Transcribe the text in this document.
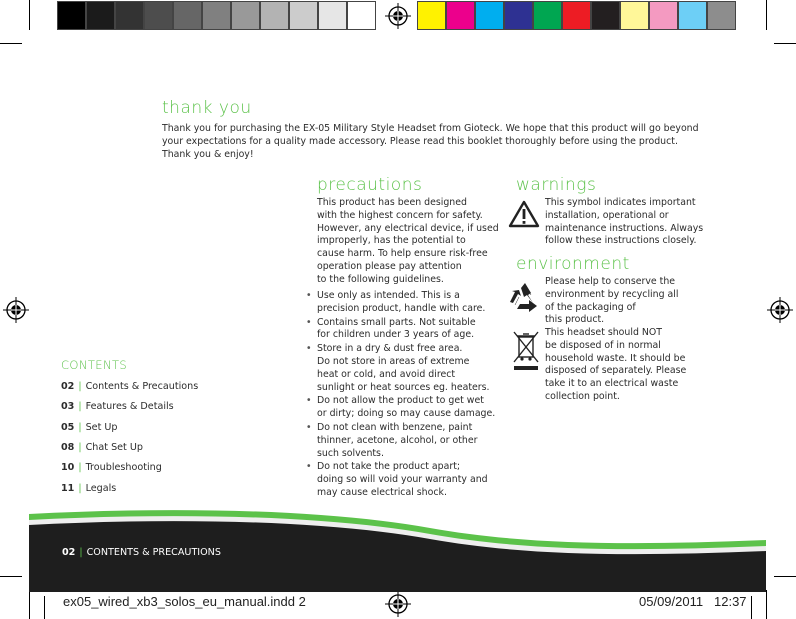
thank you
Thank you for purchasing the EX-05 Military Style Headset from Gioteck. We hope that this product will go beyond
your expectations for a quality made accessory. Please read this booklet thoroughly before using the product.
Thank you & enjoy!
precautions
This product has been designed
with the highest concern for safety.
However, any electrical device, if used
improperly, has the potential to
cause harm. To help ensure risk-free
operation please pay attention
to the following guidelines.
• Use only as intended. This is a
precision product, handle with care.
• Contains small parts. Not suitable
for children under 3 years of age.
• Store in a dry & dust free area.
Do not store in areas of extreme
heat or cold, and avoid direct
sunlight or heat sources eg. heaters.
• Do not allow the product to get wet
or dirty; doing so may cause damage.
• Do not clean with benzene, paint
thinner, acetone, alcohol, or other
such solvents.
• Do not take the product apart;
doing so will void your warranty and
may cause electrical shock.
warnings
This symbol indicates important
installation, operational or
maintenance instructions. Always
follow these instructions closely.
environment
Please help to conserve the
environment by recycling all
of the packaging of
this product.
This headset should NOT
be disposed of in normal
household waste. It should be
disposed of separately. Please
take it to an electrical waste
collection point.
CONTENTS
02 | Contents & Precautions
03 | Features & Details
05 | Set Up
08 | Chat Set Up
10 | Troubleshooting
11 | Legals
02 | CONTENTS & PRECAUTIONS
ex05_wired_xb3_solos_eu_manual.indd 2	05/09/2011 12:37
